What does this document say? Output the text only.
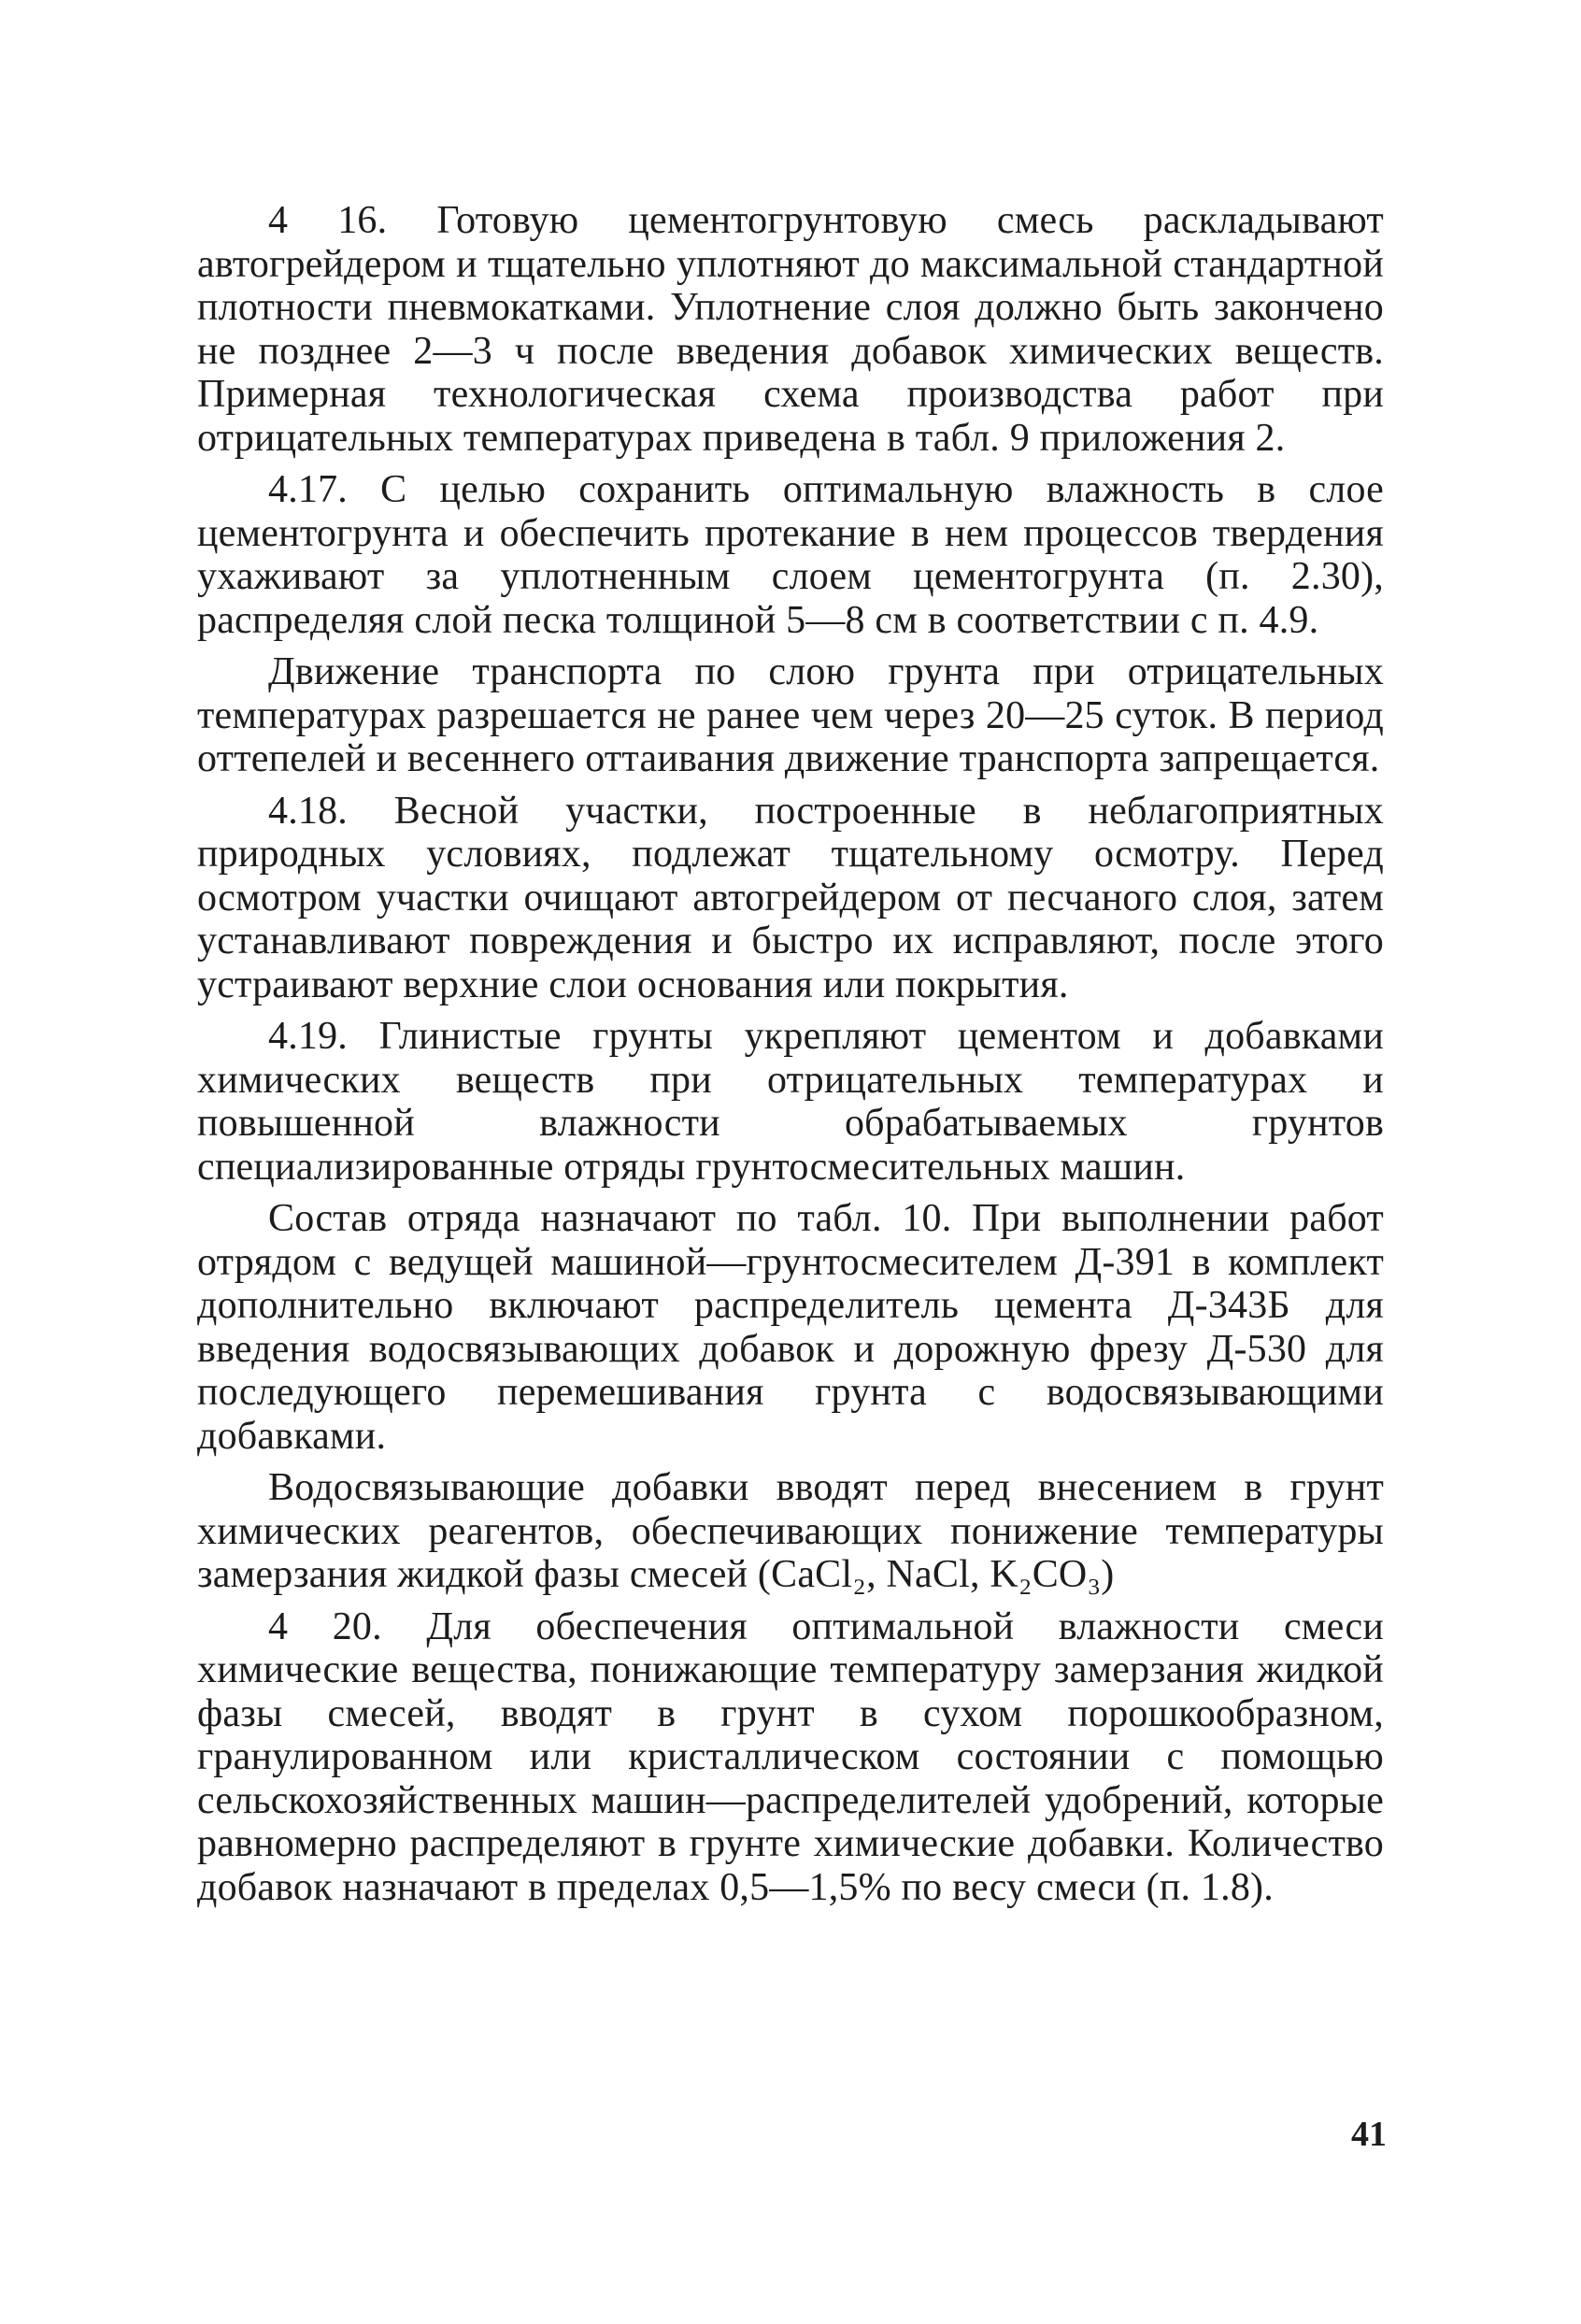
4 16. Готовую цементогрунтовую смесь раскладывают автогрейдером и тщательно уплотняют до максимальной стандартной плотности пневмокатками. Уплотнение слоя должно быть закончено не позднее 2—3 ч после введения добавок химических веществ. Примерная технологическая схема производства работ при отрицательных температурах приведена в табл. 9 приложения 2.

4.17. С целью сохранить оптимальную влажность в слое цементогрунта и обеспечить протекание в нем процессов твердения ухаживают за уплотненным слоем цементогрунта (п. 2.30), распределяя слой песка толщиной 5—8 см в соответствии с п. 4.9.

Движение транспорта по слою грунта при отрицательных температурах разрешается не ранее чем через 20—25 суток. В период оттепелей и весеннего оттаивания движение транспорта запрещается.

4.18. Весной участки, построенные в неблагоприятных природных условиях, подлежат тщательному осмотру. Перед осмотром участки очищают автогрейдером от песчаного слоя, затем устанавливают повреждения и быстро их исправляют, после этого устраивают верхние слои основания или покрытия.

4.19. Глинистые грунты укрепляют цементом и добавками химических веществ при отрицательных температурах и повышенной влажности обрабатываемых грунтов специализированные отряды грунтосмесительных машин.

Состав отряда назначают по табл. 10. При выполнении работ отрядом с ведущей машиной—грунтосмесителем Д-391 в комплект дополнительно включают распределитель цемента Д-343Б для введения водосвязывающих добавок и дорожную фрезу Д-530 для последующего перемешивания грунта с водосвязывающими добавками.

Водосвязывающие добавки вводят перед внесением в грунт химических реагентов, обеспечивающих понижение температуры замерзания жидкой фазы смесей (CaCl₂, NaCl, K₂CO₃)

4 20. Для обеспечения оптимальной влажности смеси химические вещества, понижающие температуру замерзания жидкой фазы смесей, вводят в грунт в сухом порошкообразном, гранулированном или кристаллическом состоянии с помощью сельскохозяйственных машин—распределителей удобрений, которые равномерно распределяют в грунте химические добавки. Количество добавок назначают в пределах 0,5—1,5% по весу смеси (п. 1.8).

41
